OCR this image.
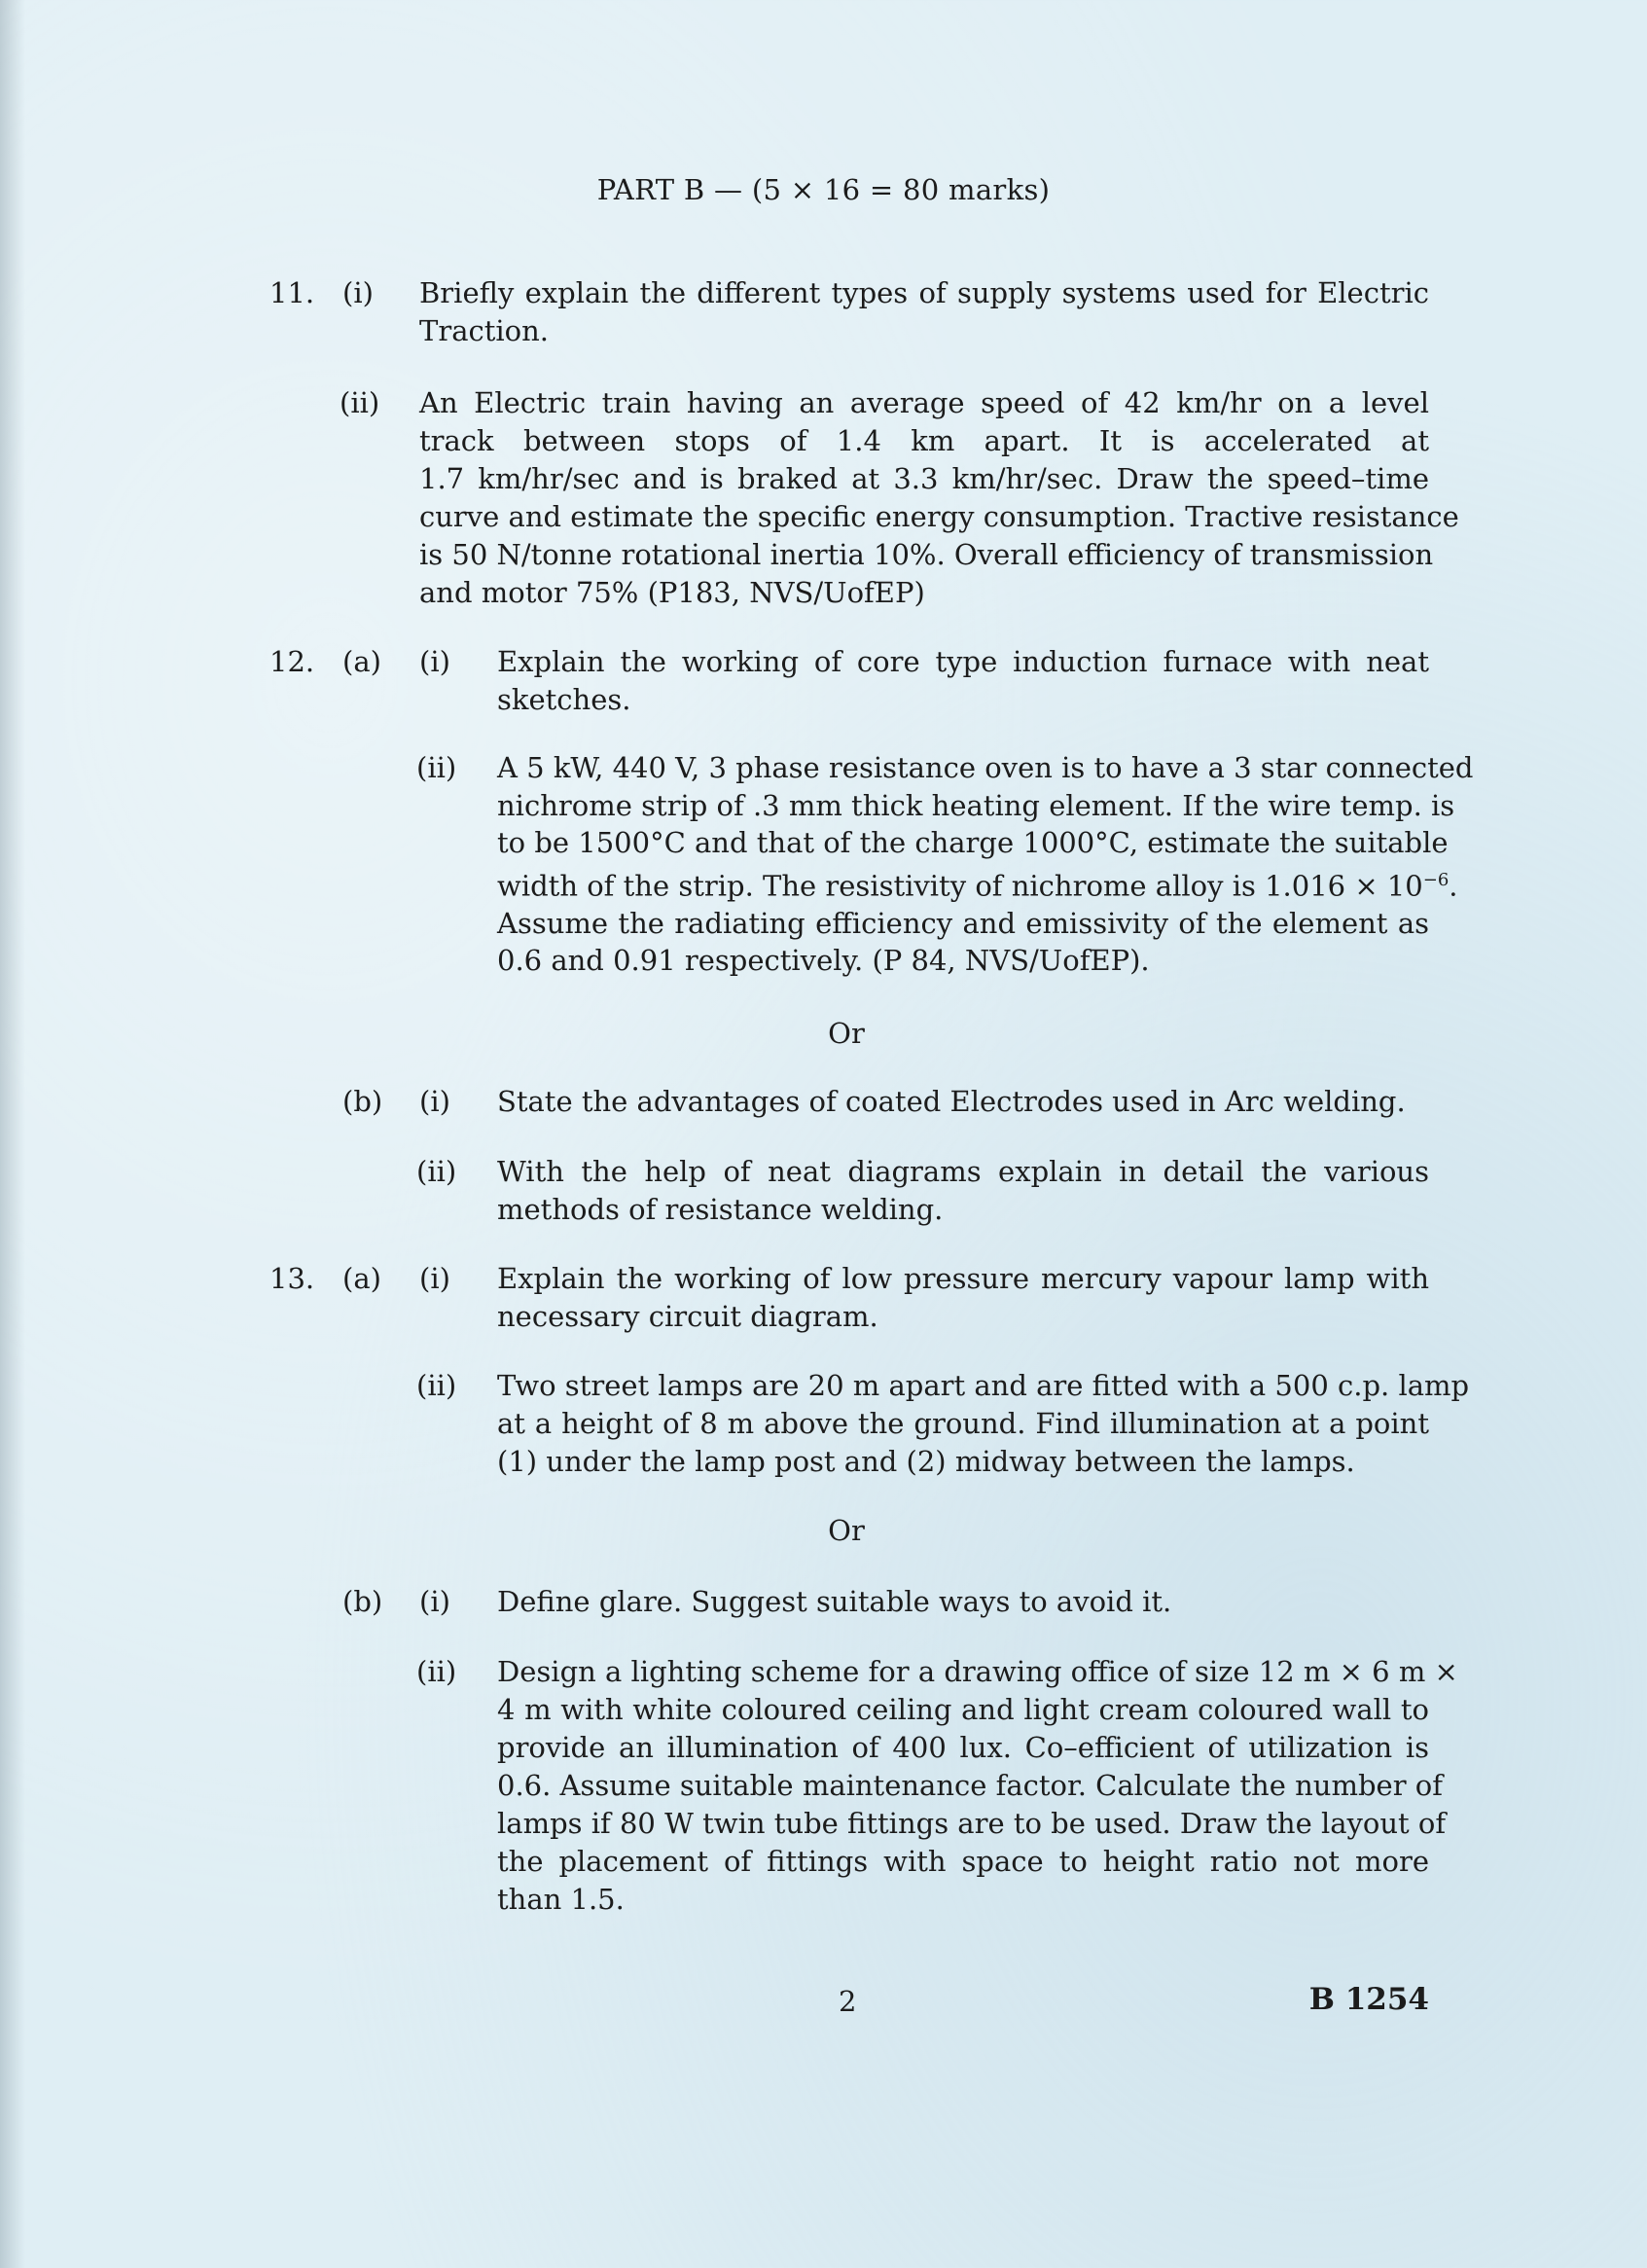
PART B — (5 × 16 = 80 marks)
11. (i) Briefly explain the different types of supply systems used for Electric
Traction.
(ii) An Electric train having an average speed of 42 km/hr on a level
track between stops of 1.4 km apart. It is accelerated at
1.7 km/hr/sec and is braked at 3.3 km/hr/sec. Draw the speed–time
curve and estimate the specific energy consumption. Tractive resistance
is 50 N/tonne rotational inertia 10%. Overall efficiency of transmission
and motor 75% (P183, NVS/UofEP)
12. (a) (i) Explain the working of core type induction furnace with neat
sketches.
(ii) A 5 kW, 440 V, 3 phase resistance oven is to have a 3 star connected
nichrome strip of .3 mm thick heating element. If the wire temp. is
to be 1500°C and that of the charge 1000°C, estimate the suitable
width of the strip. The resistivity of nichrome alloy is $1.016 \times 10^{-6}$.
Assume the radiating efficiency and emissivity of the element as
0.6 and 0.91 respectively. (P 84, NVS/UofEP).
Or
(b) (i) State the advantages of coated Electrodes used in Arc welding.
(ii) With the help of neat diagrams explain in detail the various
methods of resistance welding.
13. (a) (i) Explain the working of low pressure mercury vapour lamp with
necessary circuit diagram.
(ii) Two street lamps are 20 m apart and are fitted with a 500 c.p. lamp
at a height of 8 m above the ground. Find illumination at a point
(1) under the lamp post and (2) midway between the lamps.
Or
(b) (i) Define glare. Suggest suitable ways to avoid it.
(ii) Design a lighting scheme for a drawing office of size 12 m × 6 m ×
4 m with white coloured ceiling and light cream coloured wall to
provide an illumination of 400 lux. Co–efficient of utilization is
0.6. Assume suitable maintenance factor. Calculate the number of
lamps if 80 W twin tube fittings are to be used. Draw the layout of
the placement of fittings with space to height ratio not more
than 1.5.
2	B 1254
